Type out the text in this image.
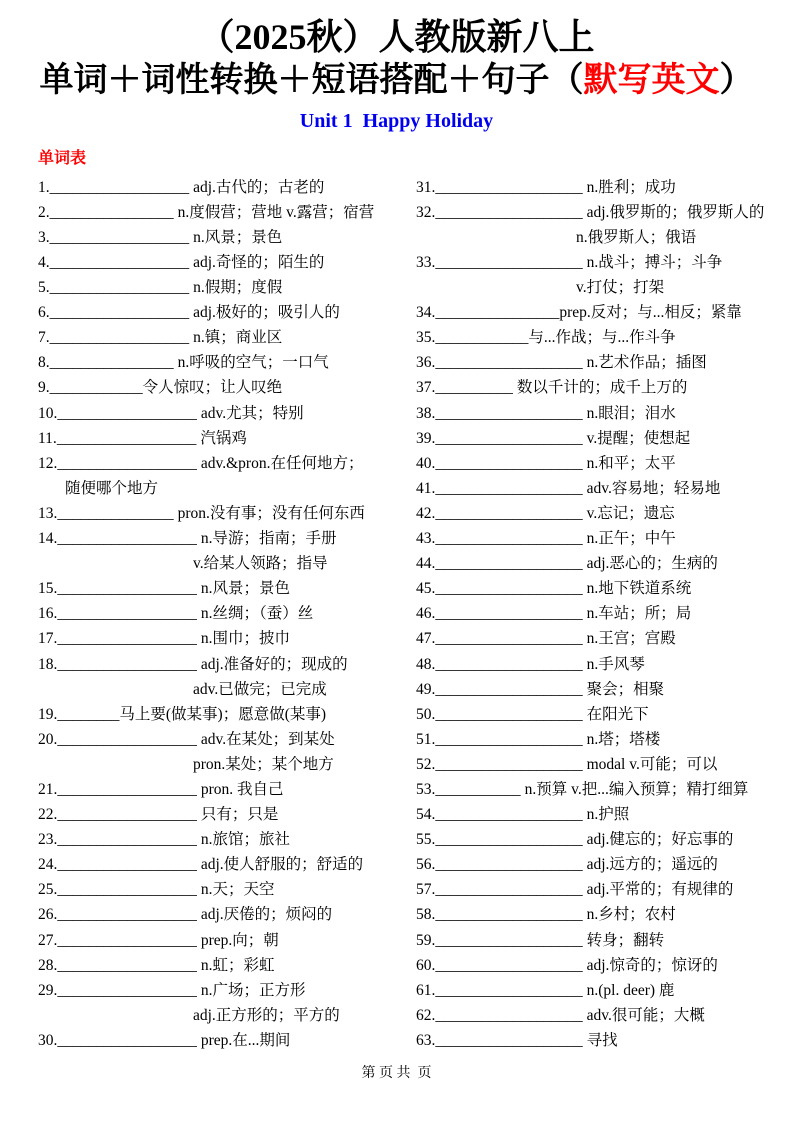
（2025秋）人教版新八上
单词＋词性转换＋短语搭配＋句子（默写英文）
Unit 1  Happy Holiday
单词表
1.__________________ adj.古代的；古老的
2.________________ n.度假营；营地 v.露营；宿营
3.__________________ n.风景；景色
4.__________________ adj.奇怪的；陌生的
5.__________________ n.假期；度假
6.__________________ adj.极好的；吸引人的
7.__________________ n.镇；商业区
8.________________ n.呼吸的空气；一口气
9.____________令人惊叹；让人叹绝
10.__________________ adv.尤其；特别
11.__________________ 汽锅鸡
12.__________________ adv.&pron.在任何地方；
随便哪个地方
13._______________ pron.没有事；没有任何东西
14.__________________ n.导游；指南；手册
v.给某人领路；指导
15.__________________ n.风景；景色
16.__________________ n.丝绸；（蚕）丝
17.__________________ n.围巾；披巾
18.__________________ adj.准备好的；现成的
adv.已做完；已完成
19.________马上要(做某事)；愿意做(某事)
20.__________________ adv.在某处；到某处
pron.某处；某个地方
21.__________________ pron. 我自己
22.__________________ 只有；只是
23.__________________ n.旅馆；旅社
24.__________________ adj.使人舒服的；舒适的
25.__________________ n.天；天空
26.__________________ adj.厌倦的；烦闷的
27.__________________ prep.向；朝
28.__________________ n.虹；彩虹
29.__________________ n.广场；正方形
adj.正方形的；平方的
30.__________________ prep.在...期间
31.___________________ n.胜利；成功
32.___________________ adj.俄罗斯的；俄罗斯人的
n.俄罗斯人；俄语
33.___________________ n.战斗；搏斗；斗争
v.打仗；打架
34.________________prep.反对；与...相反；紧靠
35.____________与...作战；与...作斗争
36.___________________ n.艺术作品；插图
37.__________ 数以千计的；成千上万的
38.___________________ n.眼泪；泪水
39.___________________ v.提醒；使想起
40.___________________ n.和平；太平
41.___________________ adv.容易地；轻易地
42.___________________ v.忘记；遗忘
43.___________________ n.正午；中午
44.___________________ adj.恶心的；生病的
45.___________________ n.地下铁道系统
46.___________________ n.车站；所；局
47.___________________ n.王宫；宫殿
48.___________________ n.手风琴
49.___________________ 聚会；相聚
50.___________________ 在阳光下
51.___________________ n.塔；塔楼
52.___________________ modal v.可能；可以
53.___________ n.预算 v.把...编入预算；精打细算
54.___________________ n.护照
55.___________________ adj.健忘的；好忘事的
56.___________________ adj.远方的；遥远的
57.___________________ adj.平常的；有规律的
58.___________________ n.乡村；农村
59.___________________ 转身；翻转
60.___________________ adj.惊奇的；惊讶的
61.___________________ n.(pl. deer) 鹿
62.___________________ adv.很可能；大概
63.___________________ 寻找
第 页 共  页
